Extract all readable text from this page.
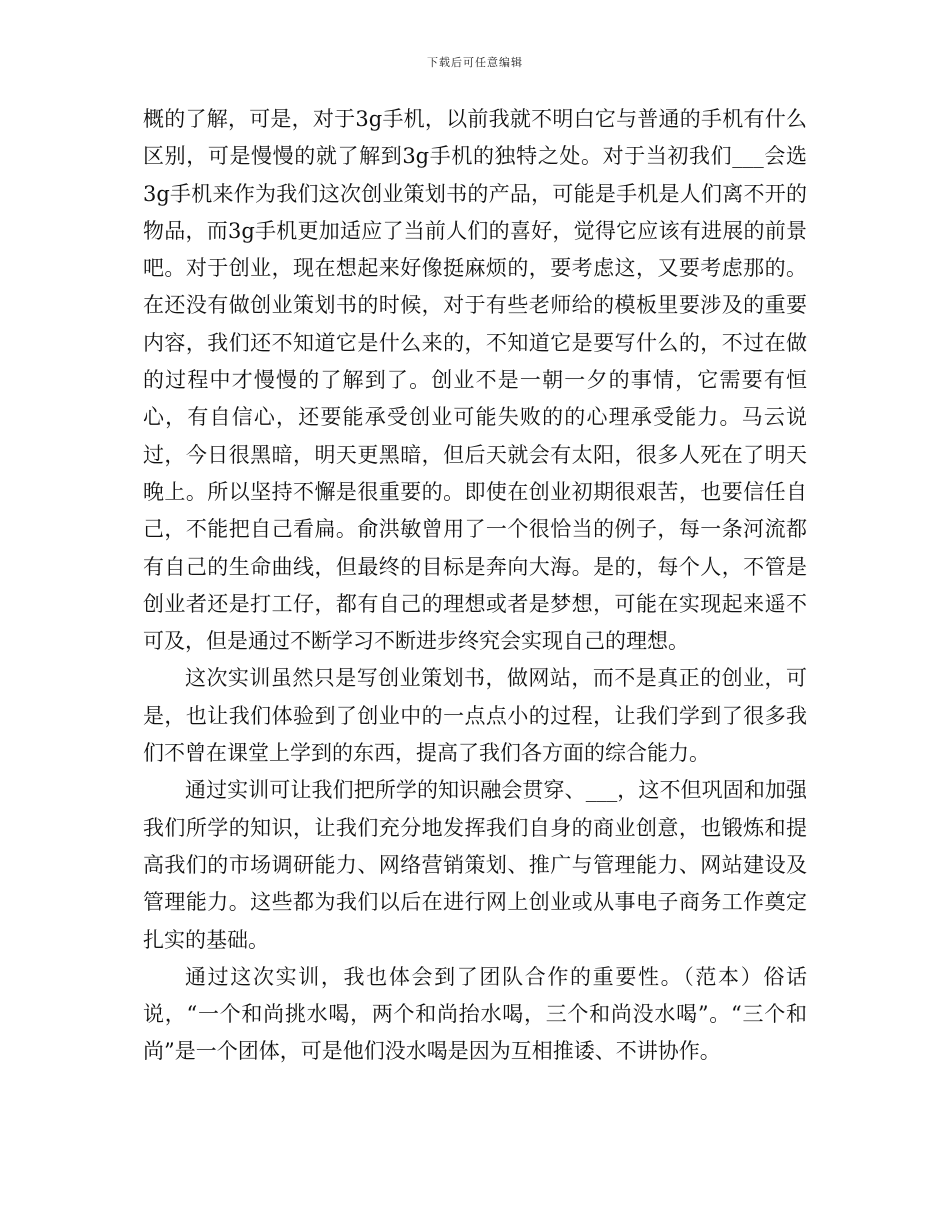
下载后可任意编辑

概的了解，可是，对于3g手机，以前我就不明白它与普通的手机有什么区别，可是慢慢的就了解到3g手机的独特之处。对于当初我们___会选3g手机来作为我们这次创业策划书的产品，可能是手机是人们离不开的物品，而3g手机更加适应了当前人们的喜好，觉得它应该有进展的前景吧。对于创业，现在想起来好像挺麻烦的，要考虑这，又要考虑那的。在还没有做创业策划书的时候，对于有些老师给的模板里要涉及的重要内容，我们还不知道它是什么来的，不知道它是要写什么的，不过在做的过程中才慢慢的了解到了。创业不是一朝一夕的事情，它需要有恒心，有自信心，还要能承受创业可能失败的的心理承受能力。马云说过，今日很黑暗，明天更黑暗，但后天就会有太阳，很多人死在了明天晚上。所以坚持不懈是很重要的。即使在创业初期很艰苦，也要信任自己，不能把自己看扁。俞洪敏曾用了一个很恰当的例子，每一条河流都有自己的生命曲线，但最终的目标是奔向大海。是的，每个人，不管是创业者还是打工仔，都有自己的理想或者是梦想，可能在实现起来遥不可及，但是通过不断学习不断进步终究会实现自己的理想。

这次实训虽然只是写创业策划书，做网站，而不是真正的创业，可是，也让我们体验到了创业中的一点点小的过程，让我们学到了很多我们不曾在课堂上学到的东西，提高了我们各方面的综合能力。

通过实训可让我们把所学的知识融会贯穿、___，这不但巩固和加强我们所学的知识，让我们充分地发挥我们自身的商业创意，也锻炼和提高我们的市场调研能力、网络营销策划、推广与管理能力、网站建设及管理能力。这些都为我们以后在进行网上创业或从事电子商务工作奠定扎实的基础。

通过这次实训，我也体会到了团队合作的重要性。（范本）俗话说，“一个和尚挑水喝，两个和尚抬水喝，三个和尚没水喝”。“三个和尚”是一个团体，可是他们没水喝是因为互相推诿、不讲协作。
